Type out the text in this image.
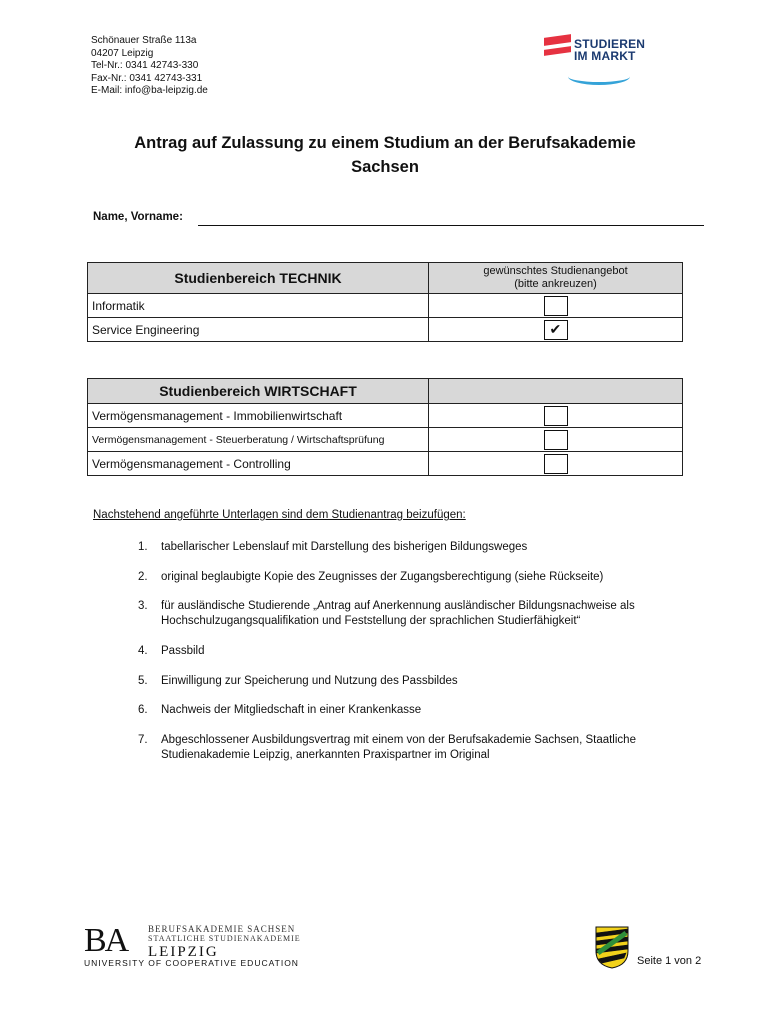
Schönauer Straße 113a
04207 Leipzig
Tel-Nr.: 0341 42743-330
Fax-Nr.: 0341 42743-331
E-Mail: info@ba-leipzig.de
STUDIEREN
IM MARKT
Antrag auf Zulassung zu einem Studium an der Berufsakademie
Sachsen
Name, Vorname:
Studienbereich TECHNIK	gewünschtes Studienangebot
(bitte ankreuzen)

Informatik	

Service Engineering	✔
Studienbereich WIRTSCHAFT	
Vermögensmanagement - Immobilienwirtschaft	

Vermögensmanagement - Steuerberatung / Wirtschaftsprüfung	

Vermögensmanagement - Controlling	
Nachstehend angeführte Unterlagen sind dem Studienantrag beizufügen:
1. tabellarischer Lebenslauf mit Darstellung des bisherigen Bildungsweges
2. original beglaubigte Kopie des Zeugnisses der Zugangsberechtigung (siehe Rückseite)
3. für ausländische Studierende „Antrag auf Anerkennung ausländischer Bildungsnachweise als
Hochschulzugangsqualifikation und Feststellung der sprachlichen Studierfähigkeit“
4. Passbild
5. Einwilligung zur Speicherung und Nutzung des Passbildes
6. Nachweis der Mitgliedschaft in einer Krankenkasse
7. Abgeschlossener Ausbildungsvertrag mit einem von der Berufsakademie Sachsen, Staatliche
Studienakademie Leipzig, anerkannten Praxispartner im Original
BA BERUFSAKADEMIE SACHSEN
STAATLICHE STUDIENAKADEMIE
LEIPZIG
UNIVERSITY OF COOPERATIVE EDUCATION	Seite 1 von 2
